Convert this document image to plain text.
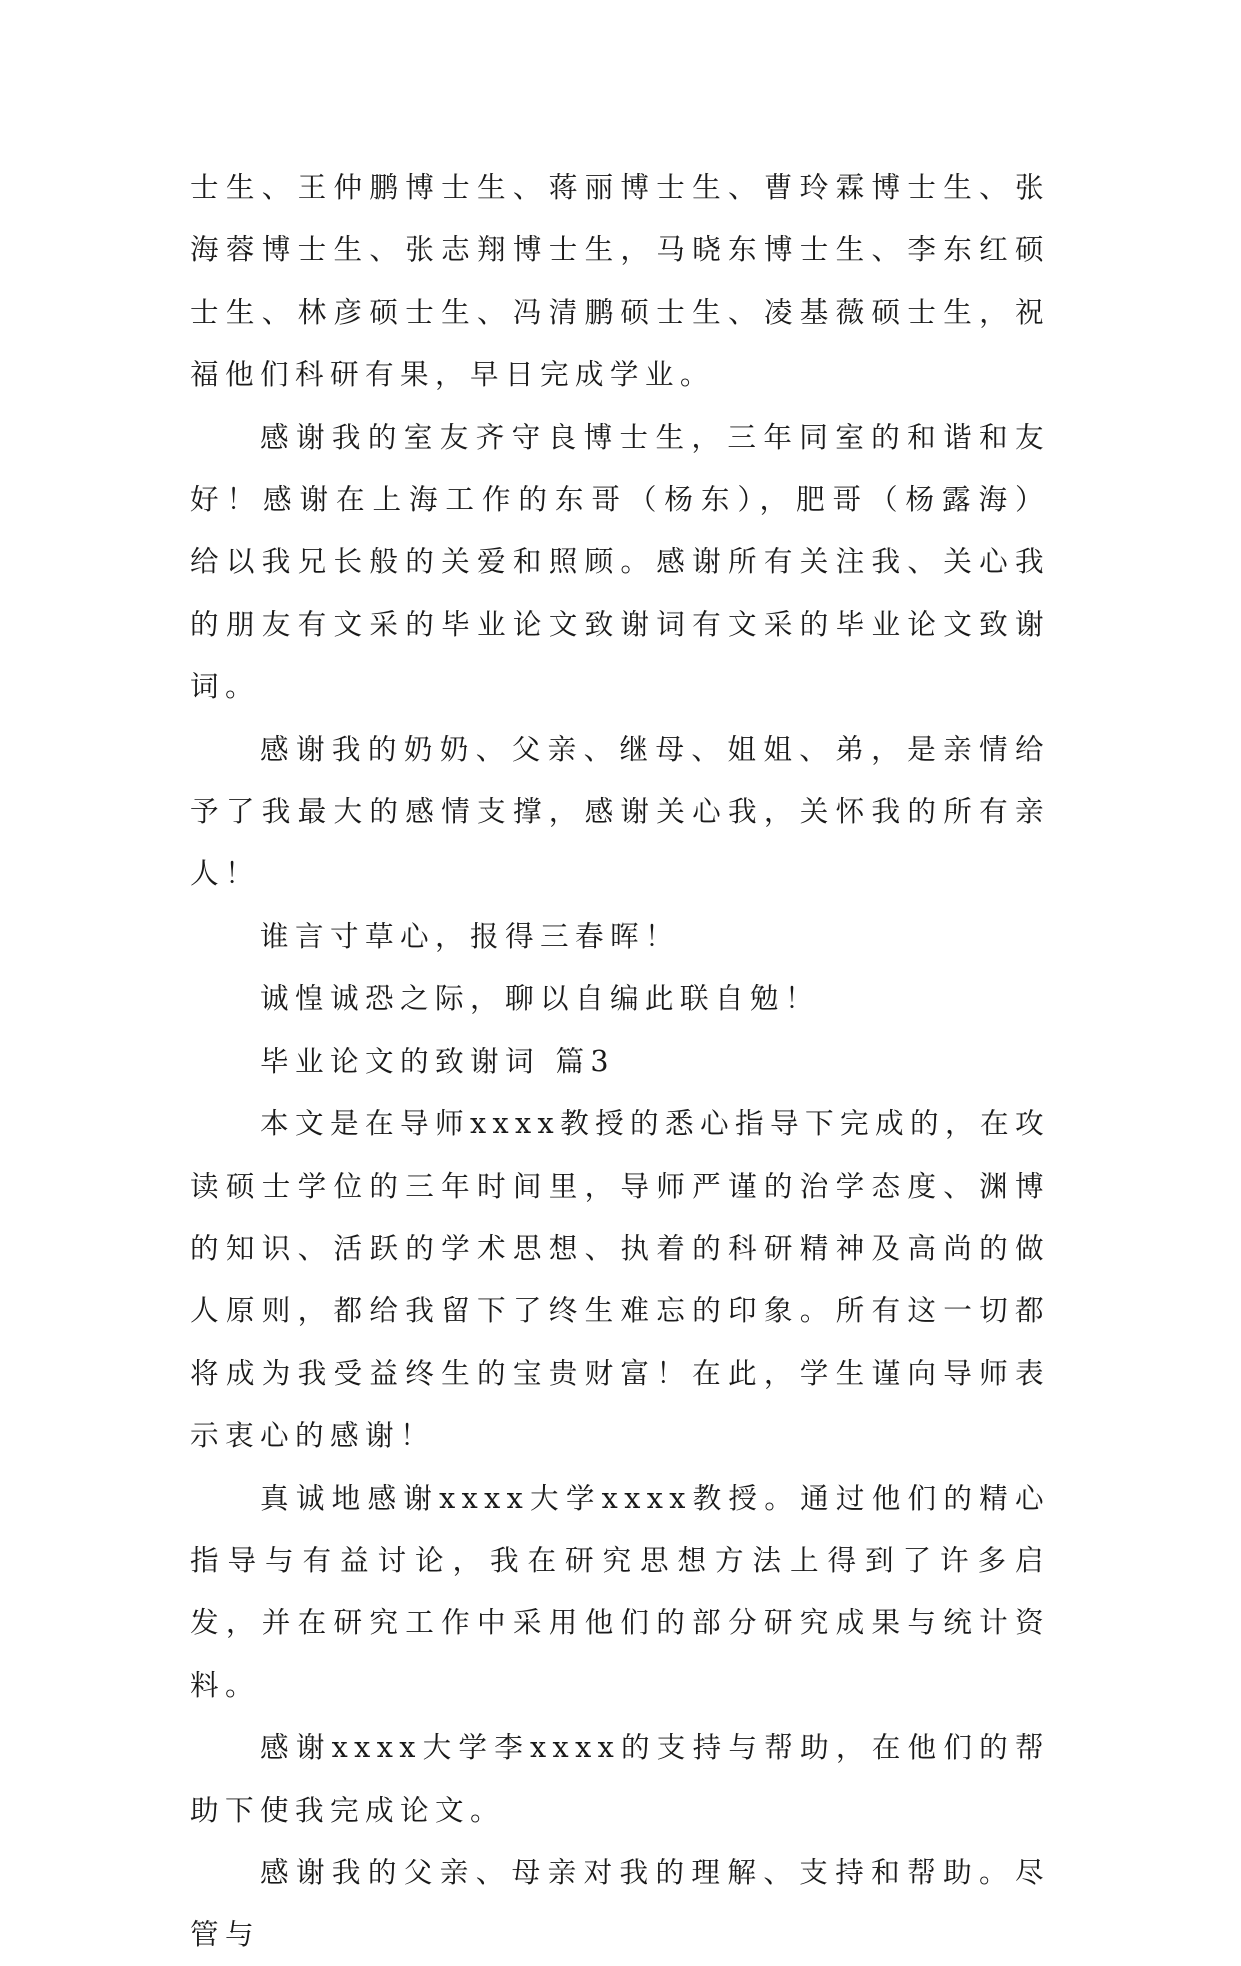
士生、王仲鹏博士生、蒋丽博士生、曹玲霖博士生、张海蓉博士生、张志翔博士生，马晓东博士生、李东红硕士生、林彦硕士生、冯清鹏硕士生、凌基薇硕士生，祝福他们科研有果，早日完成学业。

感谢我的室友齐守良博士生，三年同室的和谐和友好！感谢在上海工作的东哥（杨东），肥哥（杨露海）给以我兄长般的关爱和照顾。感谢所有关注我、关心我的朋友有文采的毕业论文致谢词有文采的毕业论文致谢词。

感谢我的奶奶、父亲、继母、姐姐、弟，是亲情给予了我最大的感情支撑，感谢关心我，关怀我的所有亲人！

谁言寸草心，报得三春晖！

诚惶诚恐之际，聊以自编此联自勉！

毕业论文的致谢词 篇3

本文是在导师xxxx教授的悉心指导下完成的，在攻读硕士学位的三年时间里，导师严谨的治学态度、渊博的知识、活跃的学术思想、执着的科研精神及高尚的做人原则，都给我留下了终生难忘的印象。所有这一切都将成为我受益终生的宝贵财富！在此，学生谨向导师表示衷心的感谢！

真诚地感谢xxxx大学xxxx教授。通过他们的精心指导与有益讨论，我在研究思想方法上得到了许多启发，并在研究工作中采用他们的部分研究成果与统计资料。

感谢xxxx大学李xxxx的支持与帮助，在他们的帮助下使我完成论文。

感谢我的父亲、母亲对我的理解、支持和帮助。尽管与
